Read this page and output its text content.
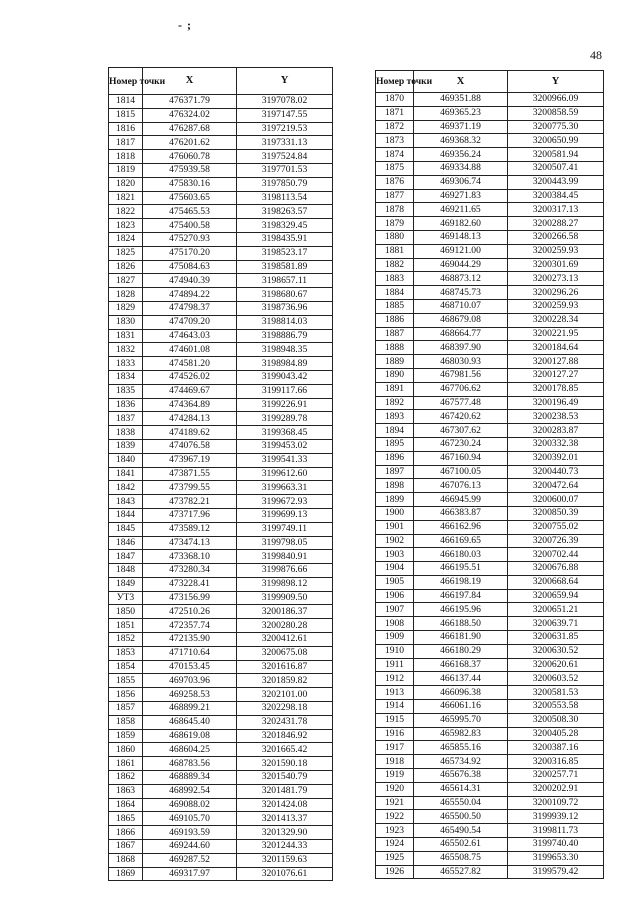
- ;
48
Номер точки	X	Y
1814	476371.79	3197078.02
1815	476324.02	3197147.55
1816	476287.68	3197219.53
1817	476201.62	3197331.13
1818	476060.78	3197524.84
1819	475939.58	3197701.53
1820	475830.16	3197850.79
1821	475603.65	3198113.54
1822	475465.53	3198263.57
1823	475400.58	3198329.45
1824	475270.93	3198435.91
1825	475170.20	3198523.17
1826	475084.63	3198581.89
1827	474940.39	3198657.11
1828	474894.22	3198680.67
1829	474798.37	3198736.96
1830	474709.20	3198814.03
1831	474643.03	3198886.79
1832	474601.08	3198948.35
1833	474581.20	3198984.89
1834	474526.02	3199043.42
1835	474469.67	3199117.66
1836	474364.89	3199226.91
1837	474284.13	3199289.78
1838	474189.62	3199368.45
1839	474076.58	3199453.02
1840	473967.19	3199541.33
1841	473871.55	3199612.60
1842	473799.55	3199663.31
1843	473782.21	3199672.93
1844	473717.96	3199699.13
1845	473589.12	3199749.11
1846	473474.13	3199798.05
1847	473368.10	3199840.91
1848	473280.34	3199876.66
1849	473228.41	3199898.12
УТ3	473156.99	3199909.50
1850	472510.26	3200186.37
1851	472357.74	3200280.28
1852	472135.90	3200412.61
1853	471710.64	3200675.08
1854	470153.45	3201616.87
1855	469703.96	3201859.82
1856	469258.53	3202101.00
1857	468899.21	3202298.18
1858	468645.40	3202431.78
1859	468619.08	3201846.92
1860	468604.25	3201665.42
1861	468783.56	3201590.18
1862	468889.34	3201540.79
1863	468992.54	3201481.79
1864	469088.02	3201424.08
1865	469105.70	3201413.37
1866	469193.59	3201329.90
1867	469244.60	3201244.33
1868	469287.52	3201159.63
1869	469317.97	3201076.61
Номер точки	X	Y
1870	469351.88	3200966.09
1871	469365.23	3200858.59
1872	469371.19	3200775.30
1873	469368.32	3200650.99
1874	469356.24	3200581.94
1875	469334.88	3200507.41
1876	469306.74	3200443.99
1877	469271.83	3200384.45
1878	469211.65	3200317.13
1879	469182.60	3200288.27
1880	469148.13	3200266.58
1881	469121.00	3200259.93
1882	469044.29	3200301.69
1883	468873.12	3200273.13
1884	468745.73	3200296.26
1885	468710.07	3200259.93
1886	468679.08	3200228.34
1887	468664.77	3200221.95
1888	468397.90	3200184.64
1889	468030.93	3200127.88
1890	467981.56	3200127.27
1891	467706.62	3200178.85
1892	467577.48	3200196.49
1893	467420.62	3200238.53
1894	467307.62	3200283.87
1895	467230.24	3200332.38
1896	467160.94	3200392.01
1897	467100.05	3200440.73
1898	467076.13	3200472.64
1899	466945.99	3200600.07
1900	466383.87	3200850.39
1901	466162.96	3200755.02
1902	466169.65	3200726.39
1903	466180.03	3200702.44
1904	466195.51	3200676.88
1905	466198.19	3200668.64
1906	466197.84	3200659.94
1907	466195.96	3200651.21
1908	466188.50	3200639.71
1909	466181.90	3200631.85
1910	466180.29	3200630.52
1911	466168.37	3200620.61
1912	466137.44	3200603.52
1913	466096.38	3200581.53
1914	466061.16	3200553.58
1915	465995.70	3200508.30
1916	465982.83	3200405.28
1917	465855.16	3200387.16
1918	465734.92	3200316.85
1919	465676.38	3200257.71
1920	465614.31	3200202.91
1921	465550.04	3200109.72
1922	465500.50	3199939.12
1923	465490.54	3199811.73
1924	465502.61	3199740.40
1925	465508.75	3199653.30
1926	465527.82	3199579.42
